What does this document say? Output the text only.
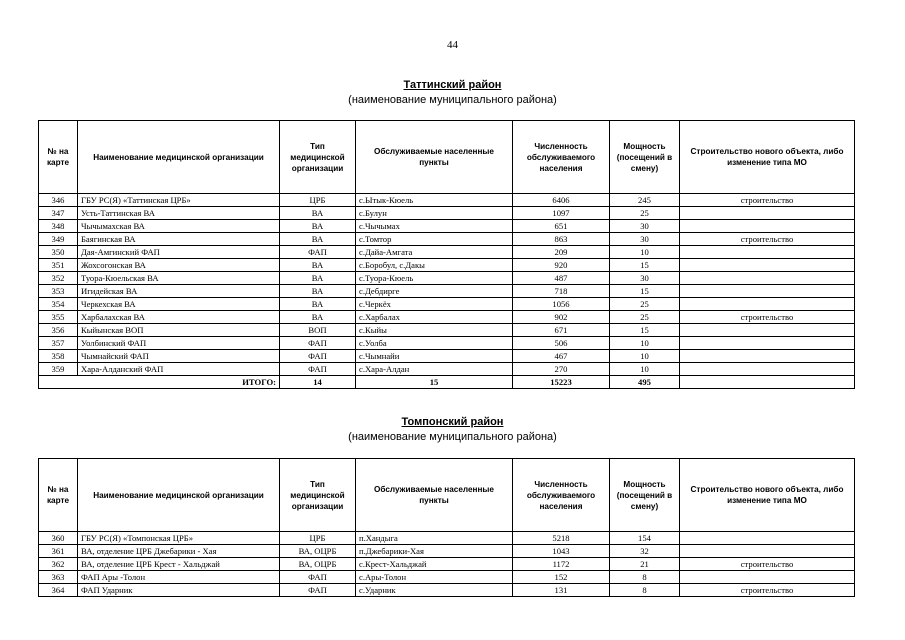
44
Таттинский район
(наименование муниципального района)
№ на карте	Наименование медицинской организации	Тип медицинской организации	Обслуживаемые населенные пункты	Численность обслуживаемого населения	Мощность (посещений в смену)	Строительство нового объекта, либо изменение типа МО
346	ГБУ РС(Я) «Таттинская ЦРБ»	ЦРБ	с.Ытык-Кюель	6406	245	строительство
347	Усть-Таттинская ВА	ВА	с.Булун	1097	25	
348	Чычымахская ВА	ВА	с.Чычымах	651	30	
349	Баягинская ВА	ВА	с.Томтор	863	30	строительство
350	Дая-Амгинский ФАП	ФАП	с.Дайа-Амгата	209	10	
351	Жохсогонская ВА	ВА	с.Боробул, с.Дакы	920	15	
352	Туора-Кюельская ВА	ВА	с.Туора-Кюель	487	30	
353	Игидейская ВА	ВА	с.Дебдирге	718	15	
354	Черкехская ВА	ВА	с.Черкёх	1056	25	
355	Харбалахская ВА	ВА	с.Харбалах	902	25	строительство
356	Кыйынская ВОП	ВОП	с.Кыйы	671	15	
357	Уолбинский ФАП	ФАП	с.Уолба	506	10	
358	Чымнайский ФАП	ФАП	с.Чымнайи	467	10	
359	Хара-Алданский ФАП	ФАП	с.Хара-Алдан	270	10	
ИТОГО:		14	15	15223	495	
Томпонский район
(наименование муниципального района)
№ на карте	Наименование медицинской организации	Тип медицинской организации	Обслуживаемые населенные пункты	Численность обслуживаемого населения	Мощность (посещений в смену)	Строительство нового объекта, либо изменение типа МО
360	ГБУ РС(Я) «Томпонская ЦРБ»	ЦРБ	п.Хандыга	5218	154	
361	ВА, отделение ЦРБ Джебарики - Хая	ВА, ОЦРБ	п.Джебарики-Хая	1043	32	
362	ВА, отделение ЦРБ Крест - Хальджай	ВА, ОЦРБ	с.Крест-Хальджай	1172	21	строительство
363	ФАП Ары -Толон	ФАП	с.Ары-Толон	152	8	
364	ФАП Ударник	ФАП	с.Ударник	131	8	строительство
